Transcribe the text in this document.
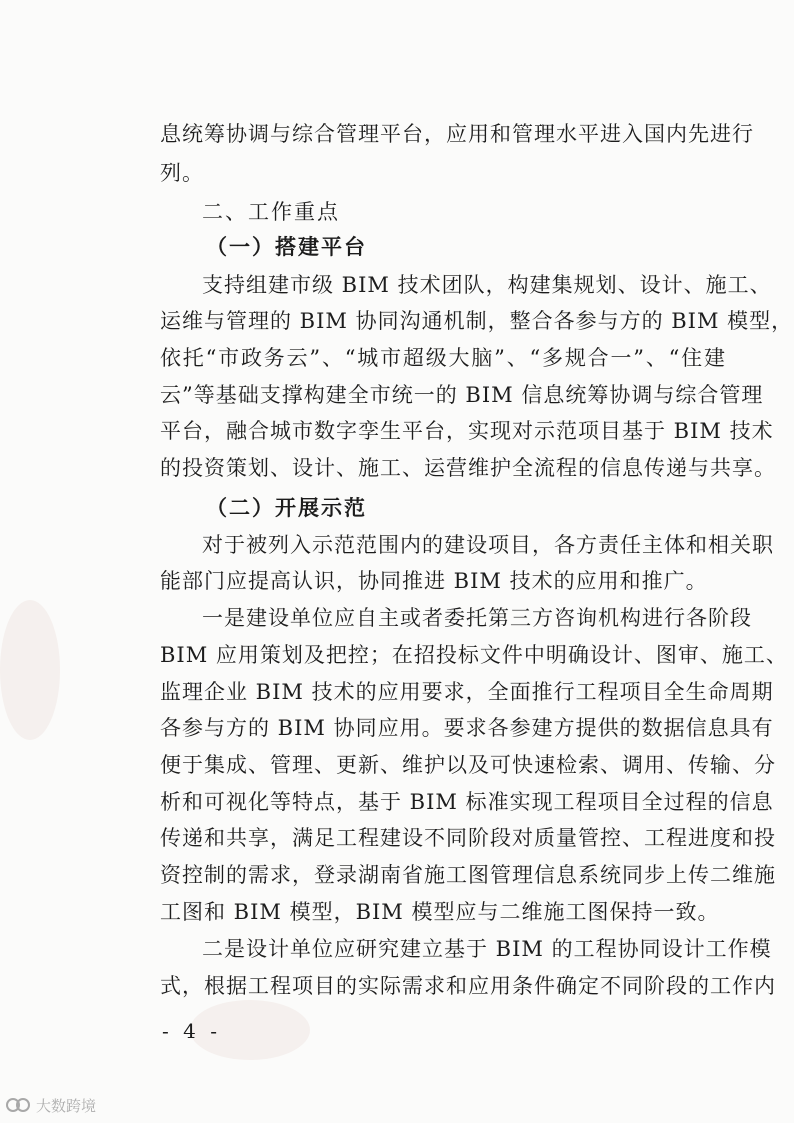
息统筹协调与综合管理平台，应用和管理水平进入国内先进行
列。
二、工作重点
（一）搭建平台
支持组建市级 BIM 技术团队，构建集规划、设计、施工、
运维与管理的 BIM 协同沟通机制，整合各参与方的 BIM 模型，
依托“市政务云”、“城市超级大脑”、“多规合一”、“住建
云”等基础支撑构建全市统一的 BIM 信息统筹协调与综合管理
平台，融合城市数字孪生平台，实现对示范项目基于 BIM 技术
的投资策划、设计、施工、运营维护全流程的信息传递与共享。
（二）开展示范
对于被列入示范范围内的建设项目，各方责任主体和相关职
能部门应提高认识，协同推进 BIM 技术的应用和推广。
一是建设单位应自主或者委托第三方咨询机构进行各阶段
BIM 应用策划及把控；在招投标文件中明确设计、图审、施工、
监理企业 BIM 技术的应用要求，全面推行工程项目全生命周期
各参与方的 BIM 协同应用。要求各参建方提供的数据信息具有
便于集成、管理、更新、维护以及可快速检索、调用、传输、分
析和可视化等特点，基于 BIM 标准实现工程项目全过程的信息
传递和共享，满足工程建设不同阶段对质量管控、工程进度和投
资控制的需求，登录湖南省施工图管理信息系统同步上传二维施
工图和 BIM 模型，BIM 模型应与二维施工图保持一致。
二是设计单位应研究建立基于 BIM 的工程协同设计工作模
式，根据工程项目的实际需求和应用条件确定不同阶段的工作内
- 4 -
大数跨境
